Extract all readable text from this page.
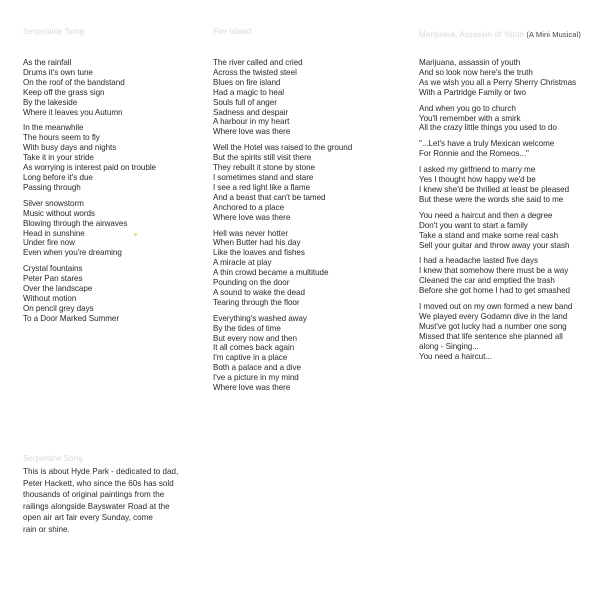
Serpentine Song
As the rainfall
Drums it's own tune
On the roof of the bandstand
Keep off the grass sign
By the lakeside
Where it leaves you Autumn
In the meanwhile
The hours seem to fly
With busy days and nights
Take it in your stride
As worrying is interest paid on trouble
Long before it's due
Passing through
Silver snowstorm
Music without words
Blowing through the airwaves
Head in sunshine
Under fire now
Even when you're dreaming
Crystal fountains
Peter Pan stares
Over the landscape
Without motion
On pencil grey days
To a Door Marked Summer
Fire Island
The river called and cried
Across the twisted steel
Blues on fire island
Had a magic to heal
Souls full of anger
Sadness and despair
A harbour in my heart
Where love was there
Well the Hotel was raised to the ground
But the spirits still visit there
They rebuilt it stone by stone
I sometimes stand and stare
I see a red light like a flame
And a beast that can't be tamed
Anchored to a place
Where love was there
Hell was never hotter
When Butter had his day
Like the loaves and fishes
A miracle at play
A thin crowd became a multitude
Pounding on the door
A sound to wake the dead
Tearing through the floor
Everything's washed away
By the tides of time
But every now and then
It all comes back again
I'm captive in a place
Both a palace and a dive
I've a picture in my mind
Where love was there
Marijuana, Assassin of Youth (A Mini Musical)
Marijuana, assassin of youth
And so look now here's the truth
As we wish you all a Perry Sherry Christmas
With a Partridge Family or two
And when you go to church
You'll remember with a smirk
All the crazy little things you used to do
"...Let's have a truly Mexican welcome
For Ronnie and the Romeos..."
I asked my girlfriend to marry me
Yes I thought how happy we'd be
I knew she'd be thrilled at least be pleased
But these were the words she said to me
You need a haircut and then a degree
Don't you want to start a family
Take a stand and make some real cash
Sell your guitar and throw away your stash
I had a headache lasted five days
I knew that somehow there must be a way
Cleaned the car and emptied the trash
Before she got home I had to get smashed
I moved out on my own formed a new band
We played every Godamn dive in the land
Must've got lucky had a number one song
Missed that life sentence she planned all
along - Singing...
You need a haircut...
Serpentine Song
This is about Hyde Park - dedicated to dad,
Peter Hackett, who since the 60s has sold
thousands of original paintings from the
railings alongside Bayswater Road at the
open air art fair every Sunday, come
rain or shine.
